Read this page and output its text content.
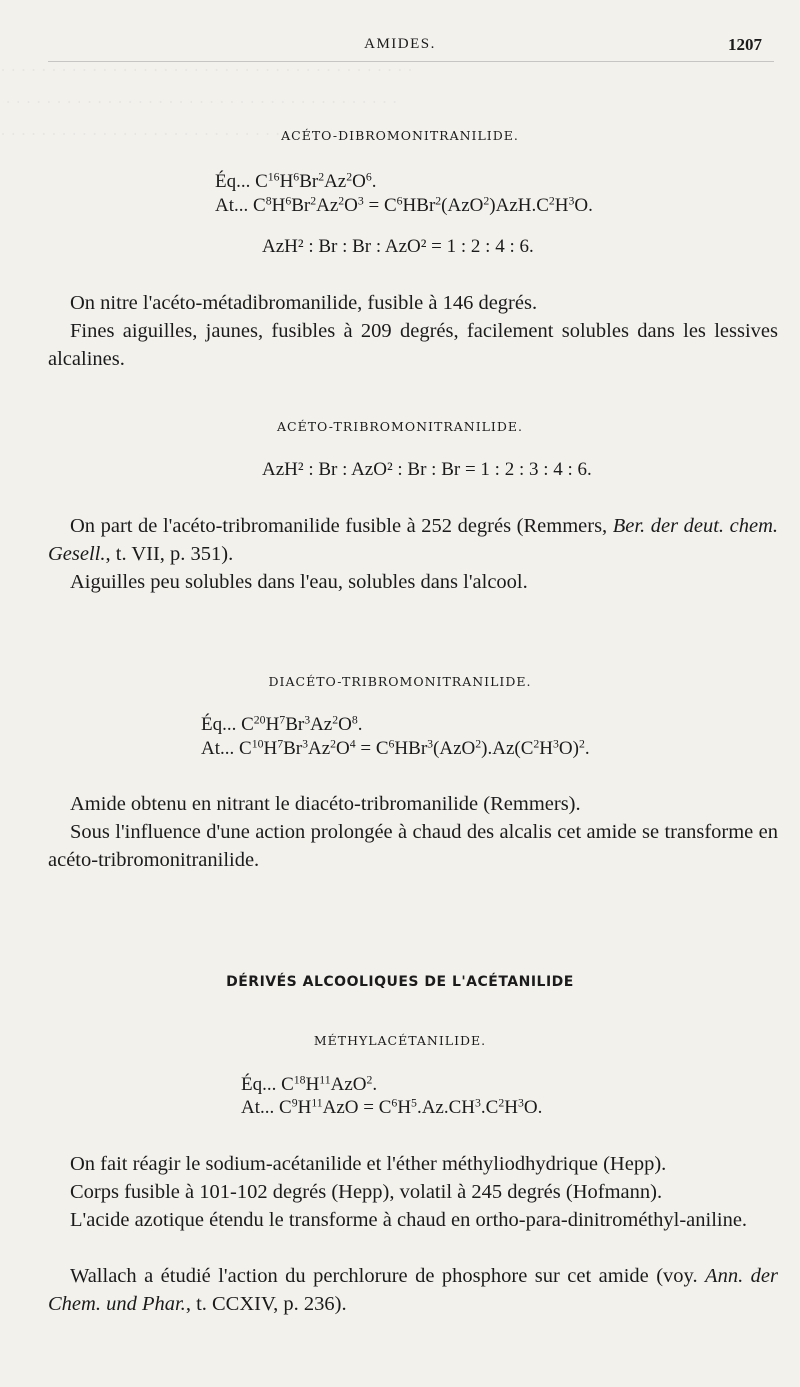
AMIDES.	1207
ACÉTO-DIBROMONITRANILIDE.
Éq... $C^{16}H^6Br^2Az^2O^6$.
At... $C^8H^6Br^2Az^2O^3 = C^6HBr^2(AzO^2)AzH.C^2H^3O$.
AzH² : Br : Br : AzO² = 1 : 2 : 4 : 6.
On nitre l'acéto-métadibromanilide, fusible à 146 degrés.
Fines aiguilles, jaunes, fusibles à 209 degrés, facilement solubles dans les lessives alcalines.
ACÉTO-TRIBROMONITRANILIDE.
AzH² : Br : AzO² : Br : Br = 1 : 2 : 3 : 4 : 6.
On part de l'acéto-tribromanilide fusible à 252 degrés (Remmers, Ber. der deut. chem. Gesell., t. VII, p. 351).
Aiguilles peu solubles dans l'eau, solubles dans l'alcool.
DIACÉTO-TRIBROMONITRANILIDE.
Éq... $C^{20}H^7Br^3Az^2O^8$.
At... $C^{10}H^7Br^3Az^2O^4 = C^6HBr^3(AzO^2).Az(C^2H^3O)^2$.
Amide obtenu en nitrant le diacéto-tribromanilide (Remmers).
Sous l'influence d'une action prolongée à chaud des alcalis cet amide se transforme en acéto-tribromonitranilide.
DÉRIVÉS ALCOOLIQUES DE L'ACÉTANILIDE
MÉTHYLACÉTANILIDE.
Éq... $C^{18}H^{11}AzO^2$.
At... $C^9H^{11}AzO = C^6H^5.Az.CH^3.C^2H^3O$.
On fait réagir le sodium-acétanilide et l'éther méthyliodhydrique (Hepp).
Corps fusible à 101-102 degrés (Hepp), volatil à 245 degrés (Hofmann).
L'acide azotique étendu le transforme à chaud en ortho-para-dinitrométhyl-aniline.
Wallach a étudié l'action du perchlorure de phosphore sur cet amide (voy. Ann. der Chem. und Phar., t. CCXIV, p. 236).
